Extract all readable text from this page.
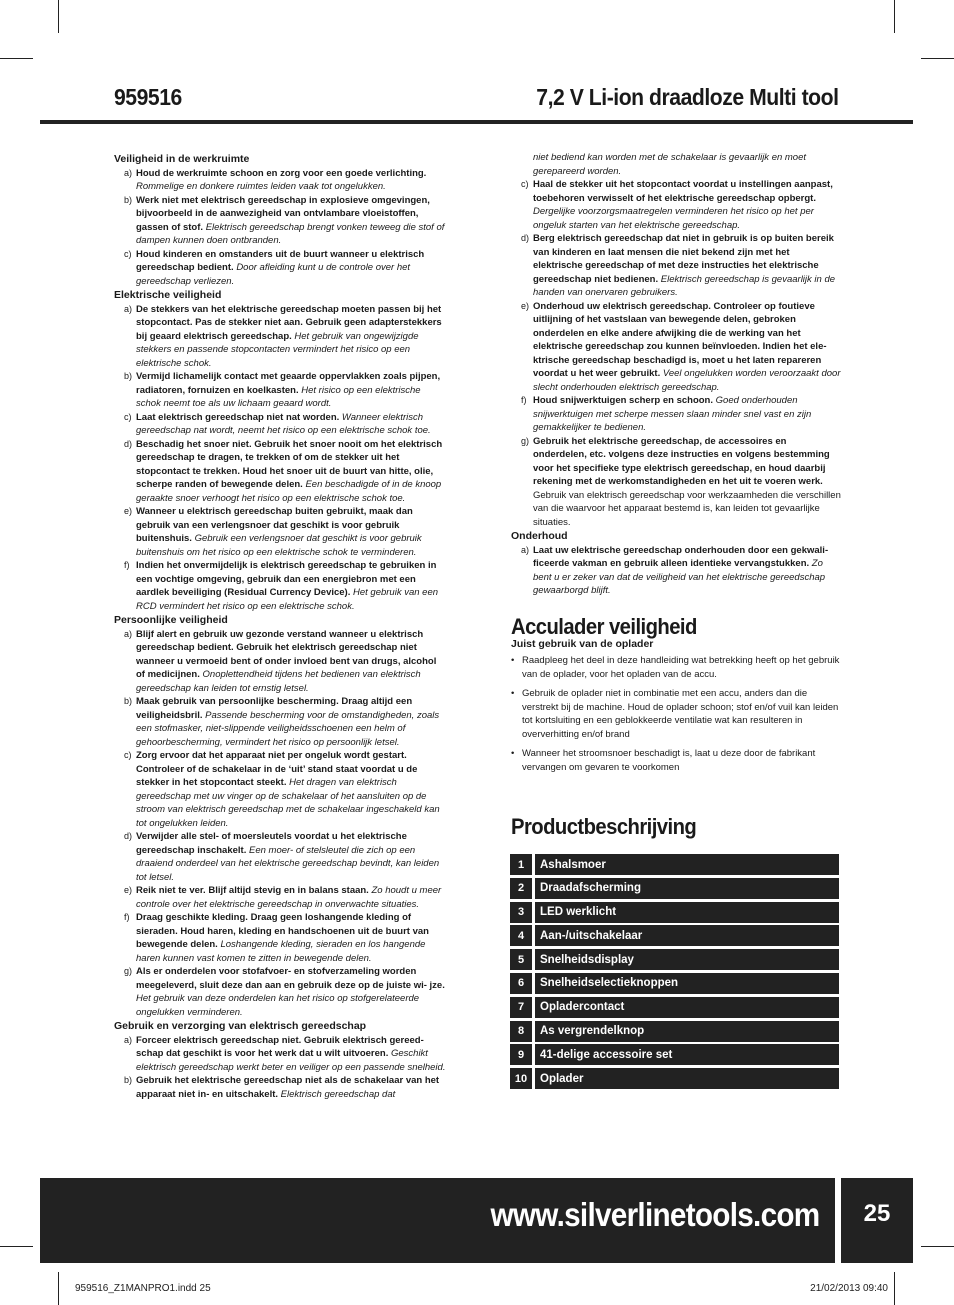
959516	7,2 V Li-ion draadloze Multi tool

Veiligheid in de werkruimte

a) Houd de werkruimte schoon en zorg voor een goede verlichting. Rommelige en donkere ruimtes leiden vaak tot ongelukken.

b) Werk niet met elektrisch gereedschap in explosieve omgevingen, bijvoorbeeld in de aanwezigheid van ontvlambare vloeistoffen, gassen of stof. Elektrisch gereedschap brengt vonken teweeg die stof of dampen kunnen doen ontbranden.

c) Houd kinderen en omstanders uit de buurt wanneer u elektrisch gereedschap bedient. Door afleiding kunt u de controle over het gereedschap verliezen.

Elektrische veiligheid

a) De stekkers van het elektrische gereedschap moeten passen bij het stopcontact. Pas de stekker niet aan. Gebruik geen adapterstekkers bij geaard elektrisch gereedschap. Het gebruik van ongewijzigde stekkers en passende stopcontacten vermindert het risico op een elektrische schok.

b) Vermijd lichamelijk contact met geaarde oppervlakken zoals pijpen, radiatoren, fornuizen en koelkasten. Het risico op een elektrische schok neemt toe als uw lichaam geaard wordt.

c) Laat elektrisch gereedschap niet nat worden. Wanneer elektrisch gereedschap nat wordt, neemt het risico op een elektrische schok toe.

d) Beschadig het snoer niet. Gebruik het snoer nooit om het elektrisch gereedschap te dragen, te trekken of om de stekker uit het stopcontact te trekken. Houd het snoer uit de buurt van hitte, olie, scherpe randen of bewegende delen. Een beschadigde of in de knoop geraakte snoer verhoogt het risico op een elektrische schok toe.

e) Wanneer u elektrisch gereedschap buiten gebruikt, maak dan gebruik van een verlengsnoer dat geschikt is voor gebruik buitenshuis. Gebruik een verlengsnoer dat geschikt is voor gebruik buitenshuis om het risico op een elektrische schok te verminderen.

f) Indien het onvermijdelijk is elektrisch gereedschap te gebruiken in een vochtige omgeving, gebruik dan een energiebron met een aardlek beveiliging (Residual Currency Device). Het gebruik van een RCD vermindert het risico op een elektrische schok.

Persoonlijke veiligheid

a) Blijf alert en gebruik uw gezonde verstand wanneer u elektrisch gereedschap bedient. Gebruik het elektrisch gereedschap niet wanneer u vermoeid bent of onder invloed bent van drugs, alcohol of medicijnen. Onoplettendheid tijdens het bedienen van elektrisch gereedschap kan leiden tot ernstig letsel.

b) Maak gebruik van persoonlijke bescherming. Draag altijd een veiligheidsbril. Passende bescherming voor de omstandigheden, zoals een stofmasker, niet-slippende veiligheidsschoenen een helm of gehoorbescherming, vermindert het risico op persoonlijk letsel.

c) Zorg ervoor dat het apparaat niet per ongeluk wordt gestart. Controleer of de schakelaar in de ‘uit’ stand staat voordat u de stekker in het stopcontact steekt. Het dragen van elektrisch gereedschap met uw vinger op de schakelaar of het aansluiten op de stroom van elektrisch gereedschap met de schakelaar ingeschakeld kan tot ongelukken leiden.

d) Verwijder alle stel- of moersleutels voordat u het elektrische gereedschap inschakelt. Een moer- of stelsleutel die zich op een draaiend onderdeel van het elektrische gereedschap bevindt, kan leiden tot letsel.

e) Reik niet te ver. Blijf altijd stevig en in balans staan. Zo houdt u meer controle over het elektrische gereedschap in onverwachte situaties.

f) Draag geschikte kleding. Draag geen loshangende kleding of sieraden. Houd haren, kleding en handschoenen uit de buurt van bewegende delen. Loshangende kleding, sieraden en los hangende haren kunnen vast komen te zitten in bewegende delen.

g) Als er onderdelen voor stofafvoer- en stofverzameling worden meegeleverd, sluit deze dan aan en gebruik deze op de juiste wi- jze. Het gebruik van deze onderdelen kan het risico op stofgerelateerde ongelukken verminderen.

Gebruik en verzorging van elektrisch gereedschap

a) Forceer elektrisch gereedschap niet. Gebruik elektrisch gereed- schap dat geschikt is voor het werk dat u wilt uitvoeren. Geschikt elektrisch gereedschap werkt beter en veiliger op een passende snelheid.

b) Gebruik het elektrische gereedschap niet als de schakelaar van het apparaat niet in- en uitschakelt. Elektrisch gereedschap dat

niet bediend kan worden met de schakelaar is gevaarlijk en moet gerepareerd worden.

c) Haal de stekker uit het stopcontact voordat u instellingen aanpast, toebehoren verwisselt of het elektrische gereedschap opbergt. Dergelijke voorzorgsmaatregelen verminderen het risico op het per ongeluk starten van het elektrische gereedschap.

d) Berg elektrisch gereedschap dat niet in gebruik is op buiten bereik van kinderen en laat mensen die niet bekend zijn met het elektrische gereedschap of met deze instructies het elektrische gereedschap niet bedienen. Elektrisch gereedschap is gevaarlijk in de handen van onervaren gebruikers.

e) Onderhoud uw elektrisch gereedschap. Controleer op foutieve uitlijning of het vastslaan van bewegende delen, gebroken onderdelen en elke andere afwijking die de werking van het elektrische gereedschap zou kunnen beïnvloeden. Indien het ele- ktrische gereedschap beschadigd is, moet u het laten repareren voordat u het weer gebruikt. Veel ongelukken worden veroorzaakt door slecht onderhouden elektrisch gereedschap.

f) Houd snijwerktuigen scherp en schoon. Goed onderhouden snijwerktuigen met scherpe messen slaan minder snel vast en zijn gemakkelijker te bedienen.

g) Gebruik het elektrische gereedschap, de accessoires en onderdelen, etc. volgens deze instructies en volgens bestemming voor het specifieke type elektrisch gereedschap, en houd daarbij rekening met de werkomstandigheden en het uit te voeren werk. Gebruik van elektrisch gereedschap voor werkzaamheden die verschillen van die waarvoor het apparaat bestemd is, kan leiden tot gevaarlijke situaties.

Onderhoud

a) Laat uw elektrische gereedschap onderhouden door een gekwali- ficeerde vakman en gebruik alleen identieke vervangstukken. Zo bent u er zeker van dat de veiligheid van het elektrische gereedschap gewaarborgd blijft.

Acculader veiligheid

Juist gebruik van de oplader

• Raadpleeg het deel in deze handleiding wat betrekking heeft op het gebruik van de oplader, voor het opladen van de accu.

• Gebruik de oplader niet in combinatie met een accu, anders dan die verstrekt bij de machine. Houd de oplader schoon; stof en/of vuil kan leiden tot kortsluiting en een geblokkeerde ventilatie wat kan resulteren in oververhitting en/of brand

• Wanneer het stroomsnoer beschadigt is, laat u deze door de fabrikant vervangen om gevaren te voorkomen

Productbeschrijving

1	Ashalsmoer
2	Draadafscherming
3	LED werklicht
4	Aan-/uitschakelaar
5	Snelheidsdisplay
6	Snelheidselectieknoppen
7	Opladercontact
8	As vergrendelknop
9	41-delige accessoire set
10	Oplader
www.silverlinetools.com	25
959516_Z1MANPRO1.indd 25	21/02/2013 09:40
